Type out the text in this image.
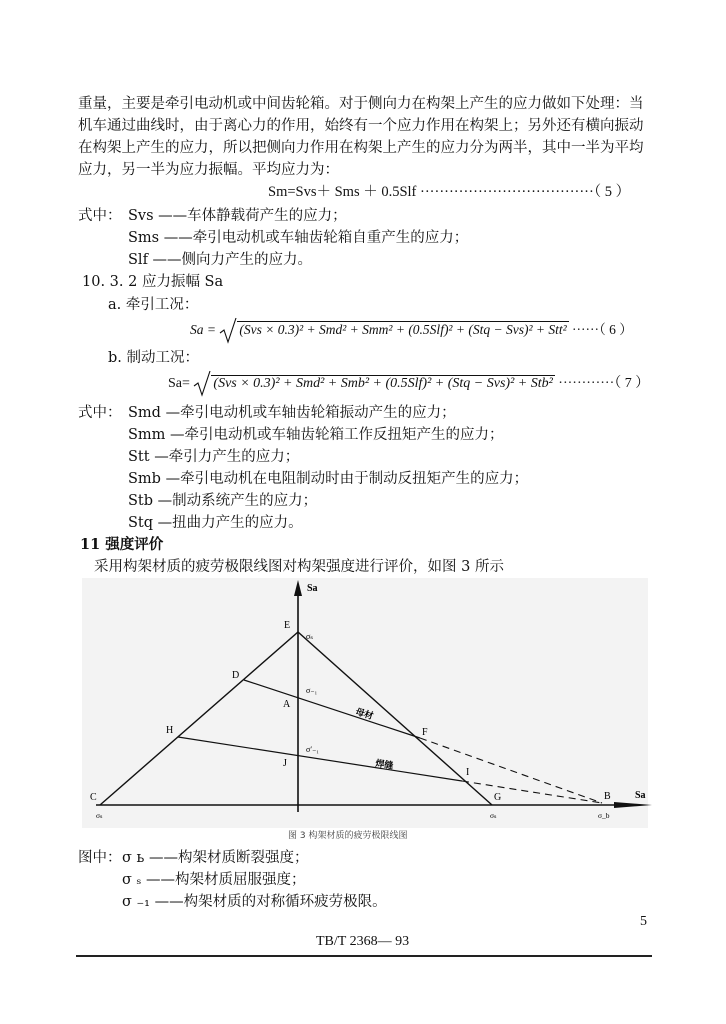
重量，主要是牵引电动机或中间齿轮箱。对于侧向力在构架上产生的应力做如下处理：当
机车通过曲线时，由于离心力的作用，始终有一个应力作用在构架上；另外还有横向振动
在构架上产生的应力，所以把侧向力作用在构架上产生的应力分为两半，其中一半为平均
应力，另一半为应力振幅。平均应力为：
Sm=Svs＋ Sms ＋ 0.5Slf ····································（ 5 ）
式中： Svs ——车体静载荷产生的应力；
Sms ——牵引电动机或车轴齿轮箱自重产生的应力；
Slf ——侧向力产生的应力。
10. 3. 2 应力振幅 Sa
a. 牵引工况：
Sa = (Svs × 0.3)² + Smd² + Smm² + (0.5Slf)² + (Stq − Svs)² + Stt² ······（ 6 ）
b. 制动工况：
Sa= (Svs × 0.3)² + Smd² + Smb² + (0.5Slf)² + (Stq − Svs)² + Stb² ············（ 7 ）
式中： Smd —牵引电动机或车轴齿轮箱振动产生的应力；
Smm —牵引电动机或车轴齿轮箱工作反扭矩产生的应力；
Stt —牵引力产生的应力；
Smb —牵引电动机在电阻制动时由于制动反扭矩产生的应力；
Stb —制动系统产生的应力；
Stq —扭曲力产生的应力。
11 强度评价
采用构架材质的疲劳极限线图对构架强度进行评价，如图 3 所示
Sa
Sa
E
D
H
A
J
F
I
C	G	B
σₛ
σ₋₁
σ′₋₁
σₛ	σₛ	σ_b
母材
焊缝
图 3 构架材质的疲劳极限线图
图中： σ ь ——构架材质断裂强度；
σ ₛ ——构架材质屈服强度；
σ ₋₁ ——构架材质的对称循环疲劳极限。
5
TB/T 2368— 93
